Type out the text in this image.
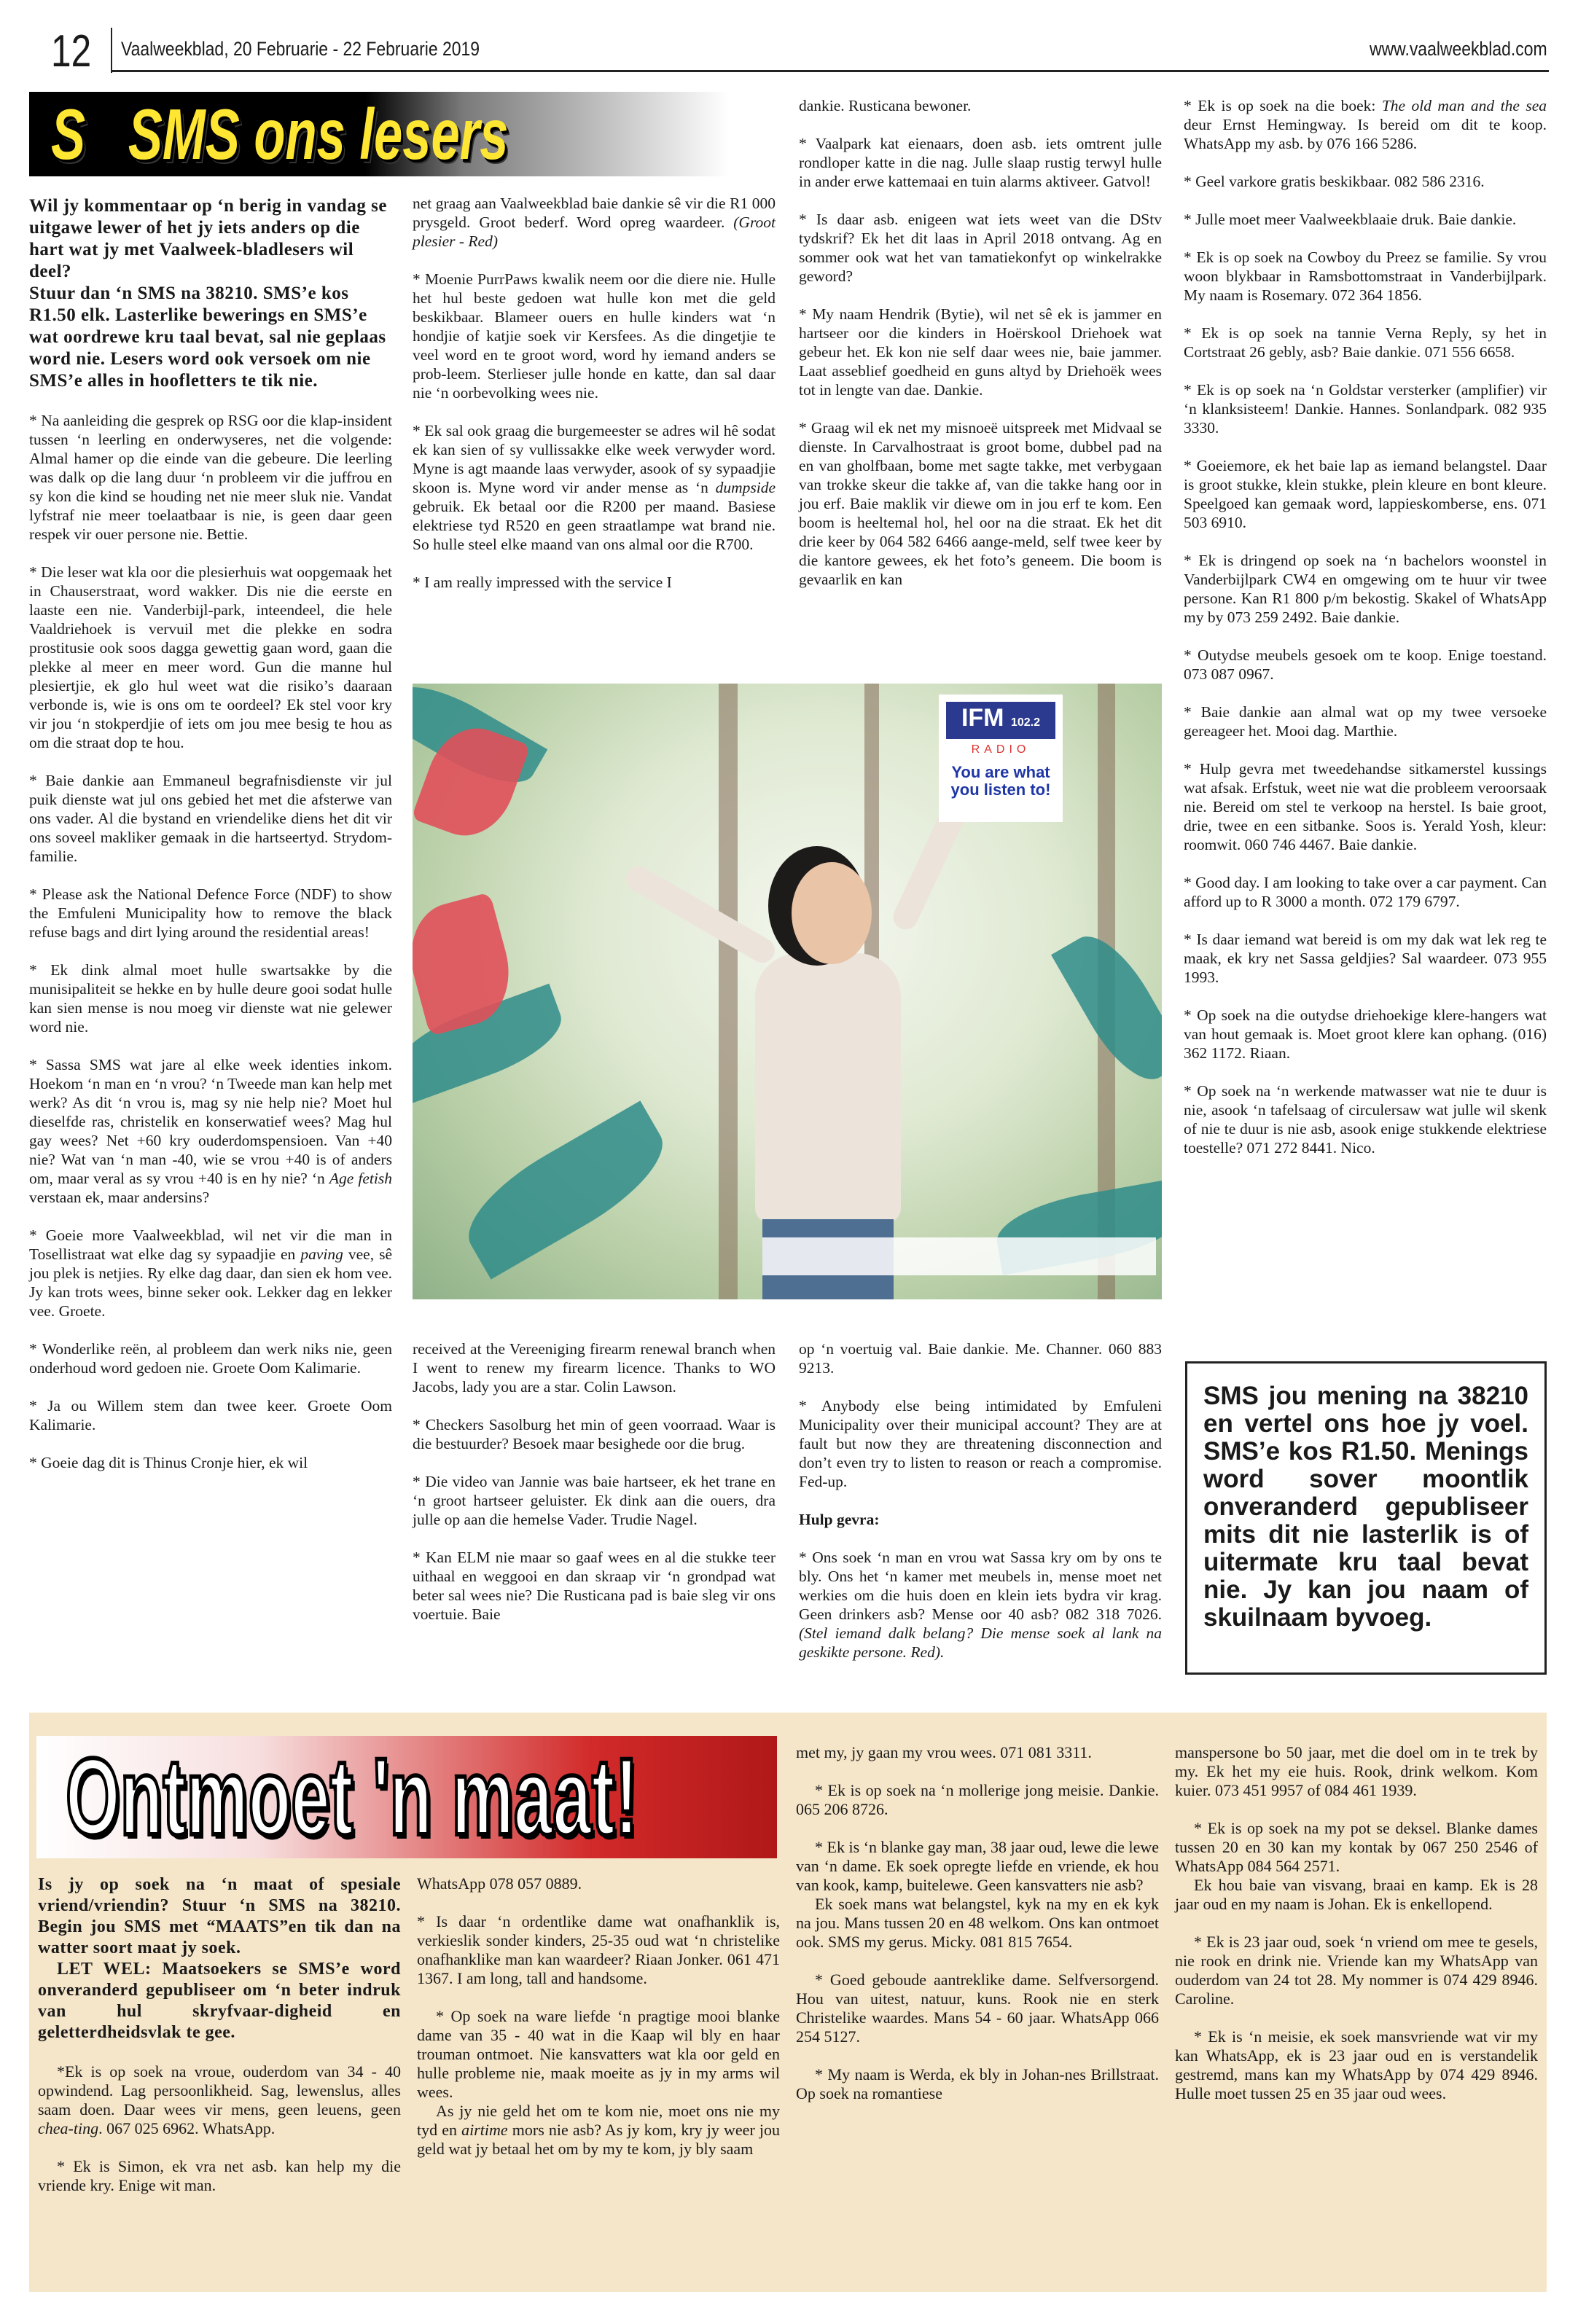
12 Vaalweekblad, 20 Februarie - 22 Februarie 2019	www.vaalweekblad.com
S   SMS ons lesers

Wil jy kommentaar op ‘n berig in vandag se uitgawe lewer of het jy iets anders op die hart wat jy met Vaalweek-bladlesers wil deel?

Stuur dan ‘n SMS na 38210. SMS’e kos R1.50 elk. Lasterlike bewerings en SMS’e wat oordrewe kru taal bevat, sal nie geplaas word nie. Lesers word ook versoek om nie SMS’e alles in hoofletters te tik nie.

* Na aanleiding die gesprek op RSG oor die klap-insident tussen ‘n leerling en onderwyseres, net die volgende: Almal hamer op die einde van die gebeure. Die leerling was dalk op die lang duur ‘n probleem vir die juffrou en sy kon die kind se houding net nie meer sluk nie. Vandat lyfstraf nie meer toelaatbaar is nie, is geen daar geen respek vir ouer persone nie. Bettie.

* Die leser wat kla oor die plesierhuis wat oopgemaak het in Chauserstraat, word wakker. Dis nie die eerste en laaste een nie. Vanderbijl-park, inteendeel, die hele Vaaldriehoek is vervuil met die plekke en sodra prostitusie ook soos dagga gewettig gaan word, gaan die plekke al meer en meer word. Gun die manne hul plesiertjie, ek glo hul weet wat die risiko’s daaraan verbonde is, wie is ons om te oordeel? Ek stel voor kry vir jou ‘n stokperdjie of iets om jou mee besig te hou as om die straat dop te hou.

* Baie dankie aan Emmaneul begrafnisdienste vir jul puik dienste wat jul ons gebied het met die afsterwe van ons vader. Al die bystand en vriendelike diens het dit vir ons soveel makliker gemaak in die hartseertyd. Strydom-familie.

* Please ask the National Defence Force (NDF) to show the Emfuleni Municipality how to remove the black refuse bags and dirt lying around the residential areas!

* Ek dink almal moet hulle swartsakke by die munisipaliteit se hekke en by hulle deure gooi sodat hulle kan sien mense is nou moeg vir dienste wat nie gelewer word nie.

* Sassa SMS wat jare al elke week identies inkom. Hoekom ‘n man en ‘n vrou? ‘n Tweede man kan help met werk? As dit ‘n vrou is, mag sy nie help nie? Moet hul dieselfde ras, christelik en konserwatief wees? Mag hul gay wees? Net +60 kry ouderdomspensioen. Van +40 nie? Wat van ‘n man -40, wie se vrou +40 is of anders om, maar veral as sy vrou +40 is en hy nie? ‘n Age fetish verstaan ek, maar andersins?

* Goeie more Vaalweekblad, wil net vir die man in Tosellistraat wat elke dag sy sypaadjie en paving vee, sê jou plek is netjies. Ry elke dag daar, dan sien ek hom vee. Jy kan trots wees, binne seker ook. Lekker dag en lekker vee. Groete.

* Wonderlike reën, al probleem dan werk niks nie, geen onderhoud word gedoen nie. Groete Oom Kalimarie.

* Ja ou Willem stem dan twee keer. Groete Oom Kalimarie.

* Goeie dag dit is Thinus Cronje hier, ek wil

net graag aan Vaalweekblad baie dankie sê vir die R1 000 prysgeld. Groot bederf. Word opreg waardeer. (Groot plesier - Red)

* Moenie PurrPaws kwalik neem oor die diere nie. Hulle het hul beste gedoen wat hulle kon met die geld beskikbaar. Blameer ouers en hulle kinders wat ‘n hondjie of katjie soek vir Kersfees. As die dingetjie te veel word en te groot word, word hy iemand anders se prob-leem. Sterlieser julle honde en katte, dan sal daar nie ‘n oorbevolking wees nie.

* Ek sal ook graag die burgemeester se adres wil hê sodat ek kan sien of sy vullissakke elke week verwyder word. Myne is agt maande laas verwyder, asook of sy sypaadjie skoon is. Myne word vir ander mense as ‘n dumpside gebruik. Ek betaal oor die R200 per maand. Basiese elektriese tyd R520 en geen straatlampe wat brand nie. So hulle steel elke maand van ons almal oor die R700.

* I am really impressed with the service I

received at the Vereeniging firearm renewal branch when I went to renew my firearm licence. Thanks to WO Jacobs, lady you are a star. Colin Lawson.

* Checkers Sasolburg het min of geen voorraad. Waar is die bestuurder? Besoek maar besighede oor die brug.

* Die video van Jannie was baie hartseer, ek het trane en ‘n groot hartseer geluister. Ek dink aan die ouers, dra julle op aan die hemelse Vader. Trudie Nagel.

* Kan ELM nie maar so gaaf wees en al die stukke teer uithaal en weggooi en dan skraap vir ‘n grondpad wat beter sal wees nie? Die Rusticana pad is baie sleg vir ons voertuie. Baie

dankie. Rusticana bewoner.

* Vaalpark kat eienaars, doen asb. iets omtrent julle rondloper katte in die nag. Julle slaap rustig terwyl hulle in ander erwe kattemaai en tuin alarms aktiveer. Gatvol!

* Is daar asb. enigeen wat iets weet van die DStv tydskrif? Ek het dit laas in April 2018 ontvang. Ag en sommer ook wat het van tamatiekonfyt op winkelrakke geword?

* My naam Hendrik (Bytie), wil net sê ek is jammer en hartseer oor die kinders in Hoërskool Driehoek wat gebeur het. Ek kon nie self daar wees nie, baie jammer. Laat asseblief goedheid en guns altyd by Driehoëk wees tot in lengte van dae. Dankie.

* Graag wil ek net my misnoeë uitspreek met Midvaal se dienste. In Carvalhostraat is groot bome, dubbel pad na en van gholfbaan, bome met sagte takke, met verbygaan van trokke skeur die takke af, van die takke hang oor in jou erf. Baie maklik vir diewe om in jou erf te kom. Een boom is heeltemal hol, hel oor na die straat. Ek het dit drie keer by 064 582 6466 aange-meld, self twee keer by die kantore gewees, ek het foto’s geneem. Die boom is gevaarlik en kan

op ‘n voertuig val. Baie dankie. Me. Channer. 060 883 9213.

* Anybody else being intimidated by Emfuleni Municipality over their municipal account? They are at fault but now they are threatening disconnection and don’t even try to listen to reason or reach a compromise. Fed-up.

Hulp gevra:

* Ons soek ‘n man en vrou wat Sassa kry om by ons te bly. Ons het ‘n kamer met meubels in, mense moet net werkies om die huis doen en klein iets bydra vir krag. Geen drinkers asb? Mense oor 40 asb? 082 318 7026. (Stel iemand dalk belang? Die mense soek al lank na geskikte persone. Red).

* Ek is op soek na die boek: The old man and the sea deur Ernst Hemingway. Is bereid om dit te koop. WhatsApp my asb. by 076 166 5286.

* Geel varkore gratis beskikbaar. 082 586 2316.

* Julle moet meer Vaalweekblaaie druk. Baie dankie.

* Ek is op soek na Cowboy du Preez se familie. Sy vrou woon blykbaar in Ramsbottomstraat in Vanderbijlpark. My naam is Rosemary. 072 364 1856.

* Ek is op soek na tannie Verna Reply, sy het in Cortstraat 26 gebly, asb? Baie dankie. 071 556 6658.

* Ek is op soek na ‘n Goldstar versterker (amplifier) vir ‘n klanksisteem! Dankie. Hannes. Sonlandpark. 082 935 3330.

* Goeiemore, ek het baie lap as iemand belangstel. Daar is groot stukke, klein stukke, plein kleure en bont kleure. Speelgoed kan gemaak word, lappieskomberse, ens. 071 503 6910.

* Ek is dringend op soek na ‘n bachelors woonstel in Vanderbijlpark CW4 en omgewing om te huur vir twee persone. Kan R1 800 p/m bekostig. Skakel of WhatsApp my by 073 259 2492. Baie dankie.

* Outydse meubels gesoek om te koop. Enige toestand. 073 087 0967.

* Baie dankie aan almal wat op my twee versoeke gereageer het. Mooi dag. Marthie.

* Hulp gevra met tweedehandse sitkamerstel kussings wat afsak. Erfstuk, weet nie wat die probleem veroorsaak nie. Bereid om stel te verkoop na herstel. Is baie groot, drie, twee en een sitbanke. Soos is. Yerald Yosh, kleur: roomwit. 060 746 4467. Baie dankie.

* Good day. I am looking to take over a car payment. Can afford up to R 3000 a month. 072 179 6797.

* Is daar iemand wat bereid is om my dak wat lek reg te maak, ek kry net Sassa geldjies? Sal waardeer. 073 955 1993.

* Op soek na die outydse driehoekige klere-hangers wat van hout gemaak is. Moet groot klere kan ophang. (016) 362 1172. Riaan.

* Op soek na ‘n werkende matwasser wat nie te duur is nie, asook ‘n tafelsaag of circulersaw wat julle wil skenk of nie te duur is nie asb, asook enige stukkende elektriese toestelle? 071 272 8441. Nico.

SMS jou mening na 38210 en vertel ons hoe jy voel. SMS’e kos R1.50. Menings word sover moontlik onveranderd gepubliseer mits dit nie lasterlik is of uitermate kru taal bevat nie. Jy kan jou naam of skuilnaam byvoeg.
IFM 102.2
RADIO
You are what you listen to!
Ontmoet 'n maat!

Is jy op soek na ‘n maat of spesiale vriend/vriendin? Stuur ‘n SMS na 38210. Begin jou SMS met “MAATS”en tik dan na watter soort maat jy soek.

LET WEL: Maatsoekers se SMS’e word onveranderd gepubliseer om ‘n beter indruk van hul skryfvaar-digheid en geletterdheidsvlak te gee.

*Ek is op soek na vroue, ouderdom van 34 - 40 opwindend. Lag persoonlikheid. Sag, lewenslus, alles saam doen. Daar wees vir mens, geen leuens, geen chea-ting. 067 025 6962. WhatsApp.

* Ek is Simon, ek vra net asb. kan help my die vriende kry. Enige wit man.

WhatsApp 078 057 0889.

* Is daar ‘n ordentlike dame wat onafhanklik is, verkieslik sonder kinders, 25-35 oud wat ‘n christelike onafhanklike man kan waardeer? Riaan Jonker. 061 471 1367. I am long, tall and handsome.

* Op soek na ware liefde ‘n pragtige mooi blanke dame van 35 - 40 wat in die Kaap wil bly en haar trouman ontmoet. Nie kansvatters wat kla oor geld en hulle probleme nie, maak moeite as jy in my arms wil wees.

As jy nie geld het om te kom nie, moet ons nie my tyd en airtime mors nie asb? As jy kom, kry jy weer jou geld wat jy betaal het om by my te kom, jy bly saam

met my, jy gaan my vrou wees. 071 081 3311.

* Ek is op soek na ‘n mollerige jong meisie. Dankie. 065 206 8726.

* Ek is ‘n blanke gay man, 38 jaar oud, lewe die lewe van ‘n dame. Ek soek opregte liefde en vriende, ek hou van kook, kamp, buitelewe. Geen kansvatters nie asb?

Ek soek mans wat belangstel, kyk na my en ek kyk na jou. Mans tussen 20 en 48 welkom. Ons kan ontmoet ook. SMS my gerus. Micky. 081 815 7654.

* Goed geboude aantreklike dame. Selfversorgend. Hou van uitest, natuur, kuns. Rook nie en sterk Christelike waardes. Mans 54 - 60 jaar. WhatsApp 066 254 5127.

* My naam is Werda, ek bly in Johan-nes Brillstraat. Op soek na romantiese

manspersone bo 50 jaar, met die doel om in te trek by my. Ek het my eie huis. Rook, drink welkom. Kom kuier. 073 451 9957 of 084 461 1939.

* Ek is op soek na my pot se deksel. Blanke dames tussen 20 en 30 kan my kontak by 067 250 2546 of WhatsApp 084 564 2571.

Ek hou baie van visvang, braai en kamp. Ek is 28 jaar oud en my naam is Johan. Ek is enkellopend.

* Ek is 23 jaar oud, soek ‘n vriend om mee te gesels, nie rook en drink nie. Vriende kan my WhatsApp van ouderdom van 24 tot 28. My nommer is 074 429 8946. Caroline.

* Ek is ‘n meisie, ek soek mansvriende wat vir my kan WhatsApp, ek is 23 jaar oud en is verstandelik gestremd, mans kan my WhatsApp by 074 429 8946. Hulle moet tussen 25 en 35 jaar oud wees.
